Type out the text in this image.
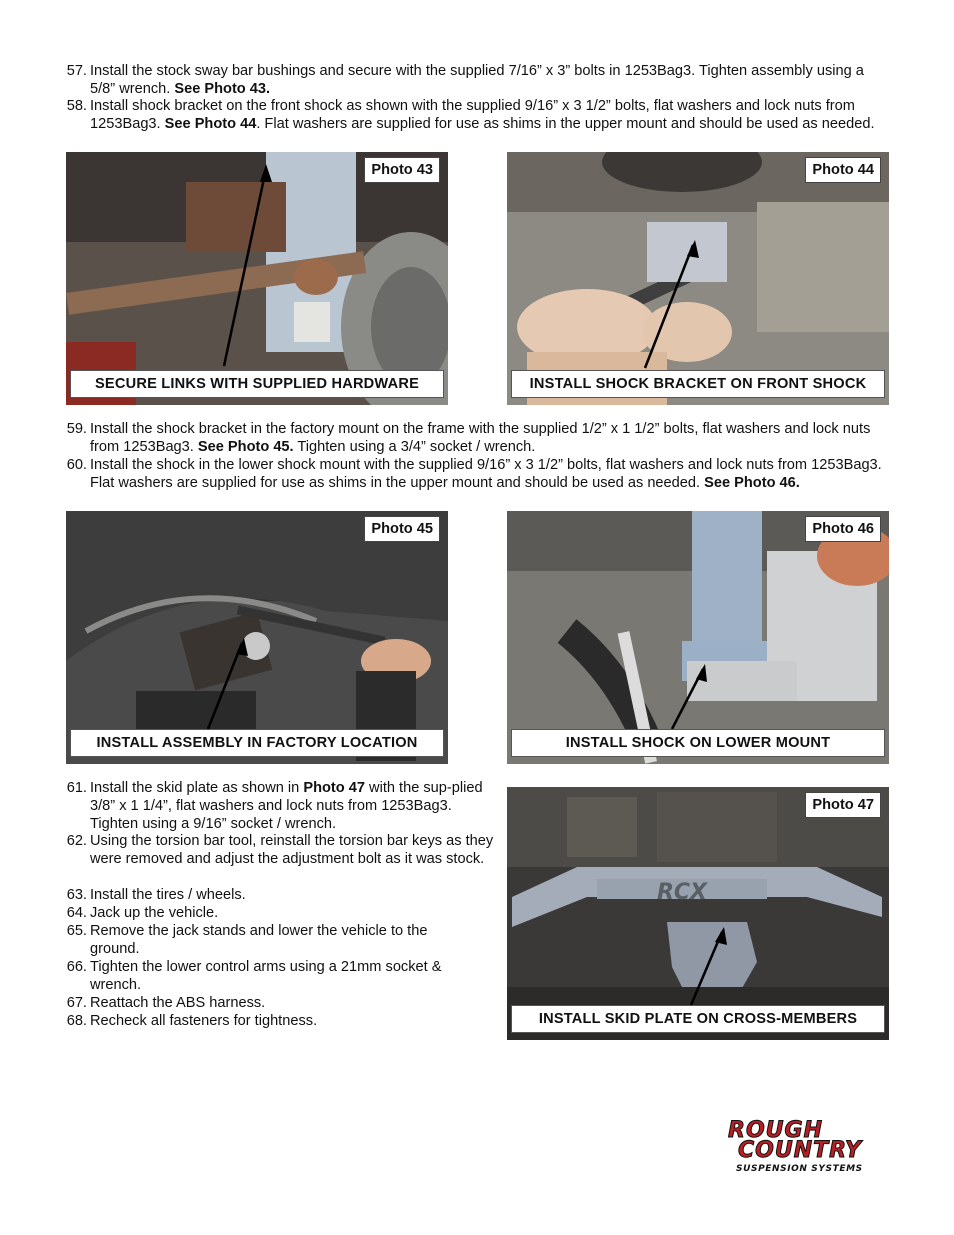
57. Install the stock sway bar bushings and secure with the supplied 7/16” x 3” bolts in 1253Bag3. Tighten assembly using a 5/8” wrench. See Photo 43.
58. Install shock bracket on the front shock as shown with the supplied 9/16” x 3 1/2” bolts, flat washers and lock nuts from 1253Bag3. See Photo 44. Flat washers are supplied for use as shims in the upper mount and should be used as needed.
Photo 43
SECURE LINKS WITH SUPPLIED HARDWARE
Photo 44
INSTALL SHOCK BRACKET ON FRONT SHOCK
59. Install the shock bracket in the factory mount on the frame with the supplied 1/2” x 1 1/2” bolts, flat washers and lock nuts from 1253Bag3. See Photo 45. Tighten using a 3/4” socket / wrench.
60. Install the shock in the lower shock mount with the supplied 9/16” x 3 1/2” bolts, flat washers and lock nuts from 1253Bag3. Flat washers are supplied for use as shims in the upper mount and should be used as needed. See Photo 46.
Photo 45
INSTALL ASSEMBLY IN FACTORY LOCATION
Photo 46
INSTALL SHOCK ON LOWER MOUNT
61. Install the skid plate as shown in Photo 47 with the sup-plied 3/8” x 1 1/4”, flat washers and lock nuts from 1253Bag3. Tighten using a 9/16” socket / wrench.
62. Using the torsion bar tool, reinstall the torsion bar keys as they were removed and adjust the adjustment bolt as it was stock.
63. Install the tires / wheels.
64. Jack up the vehicle.
65. Remove the jack stands and lower the vehicle to the ground.
66. Tighten the lower control arms using a 21mm socket & wrench.
67. Reattach the ABS harness.
68. Recheck all fasteners for tightness.
RCX
Photo 47
INSTALL SKID PLATE ON CROSS-MEMBERS
ROUGH
COUNTRY
SUSPENSION SYSTEMS
